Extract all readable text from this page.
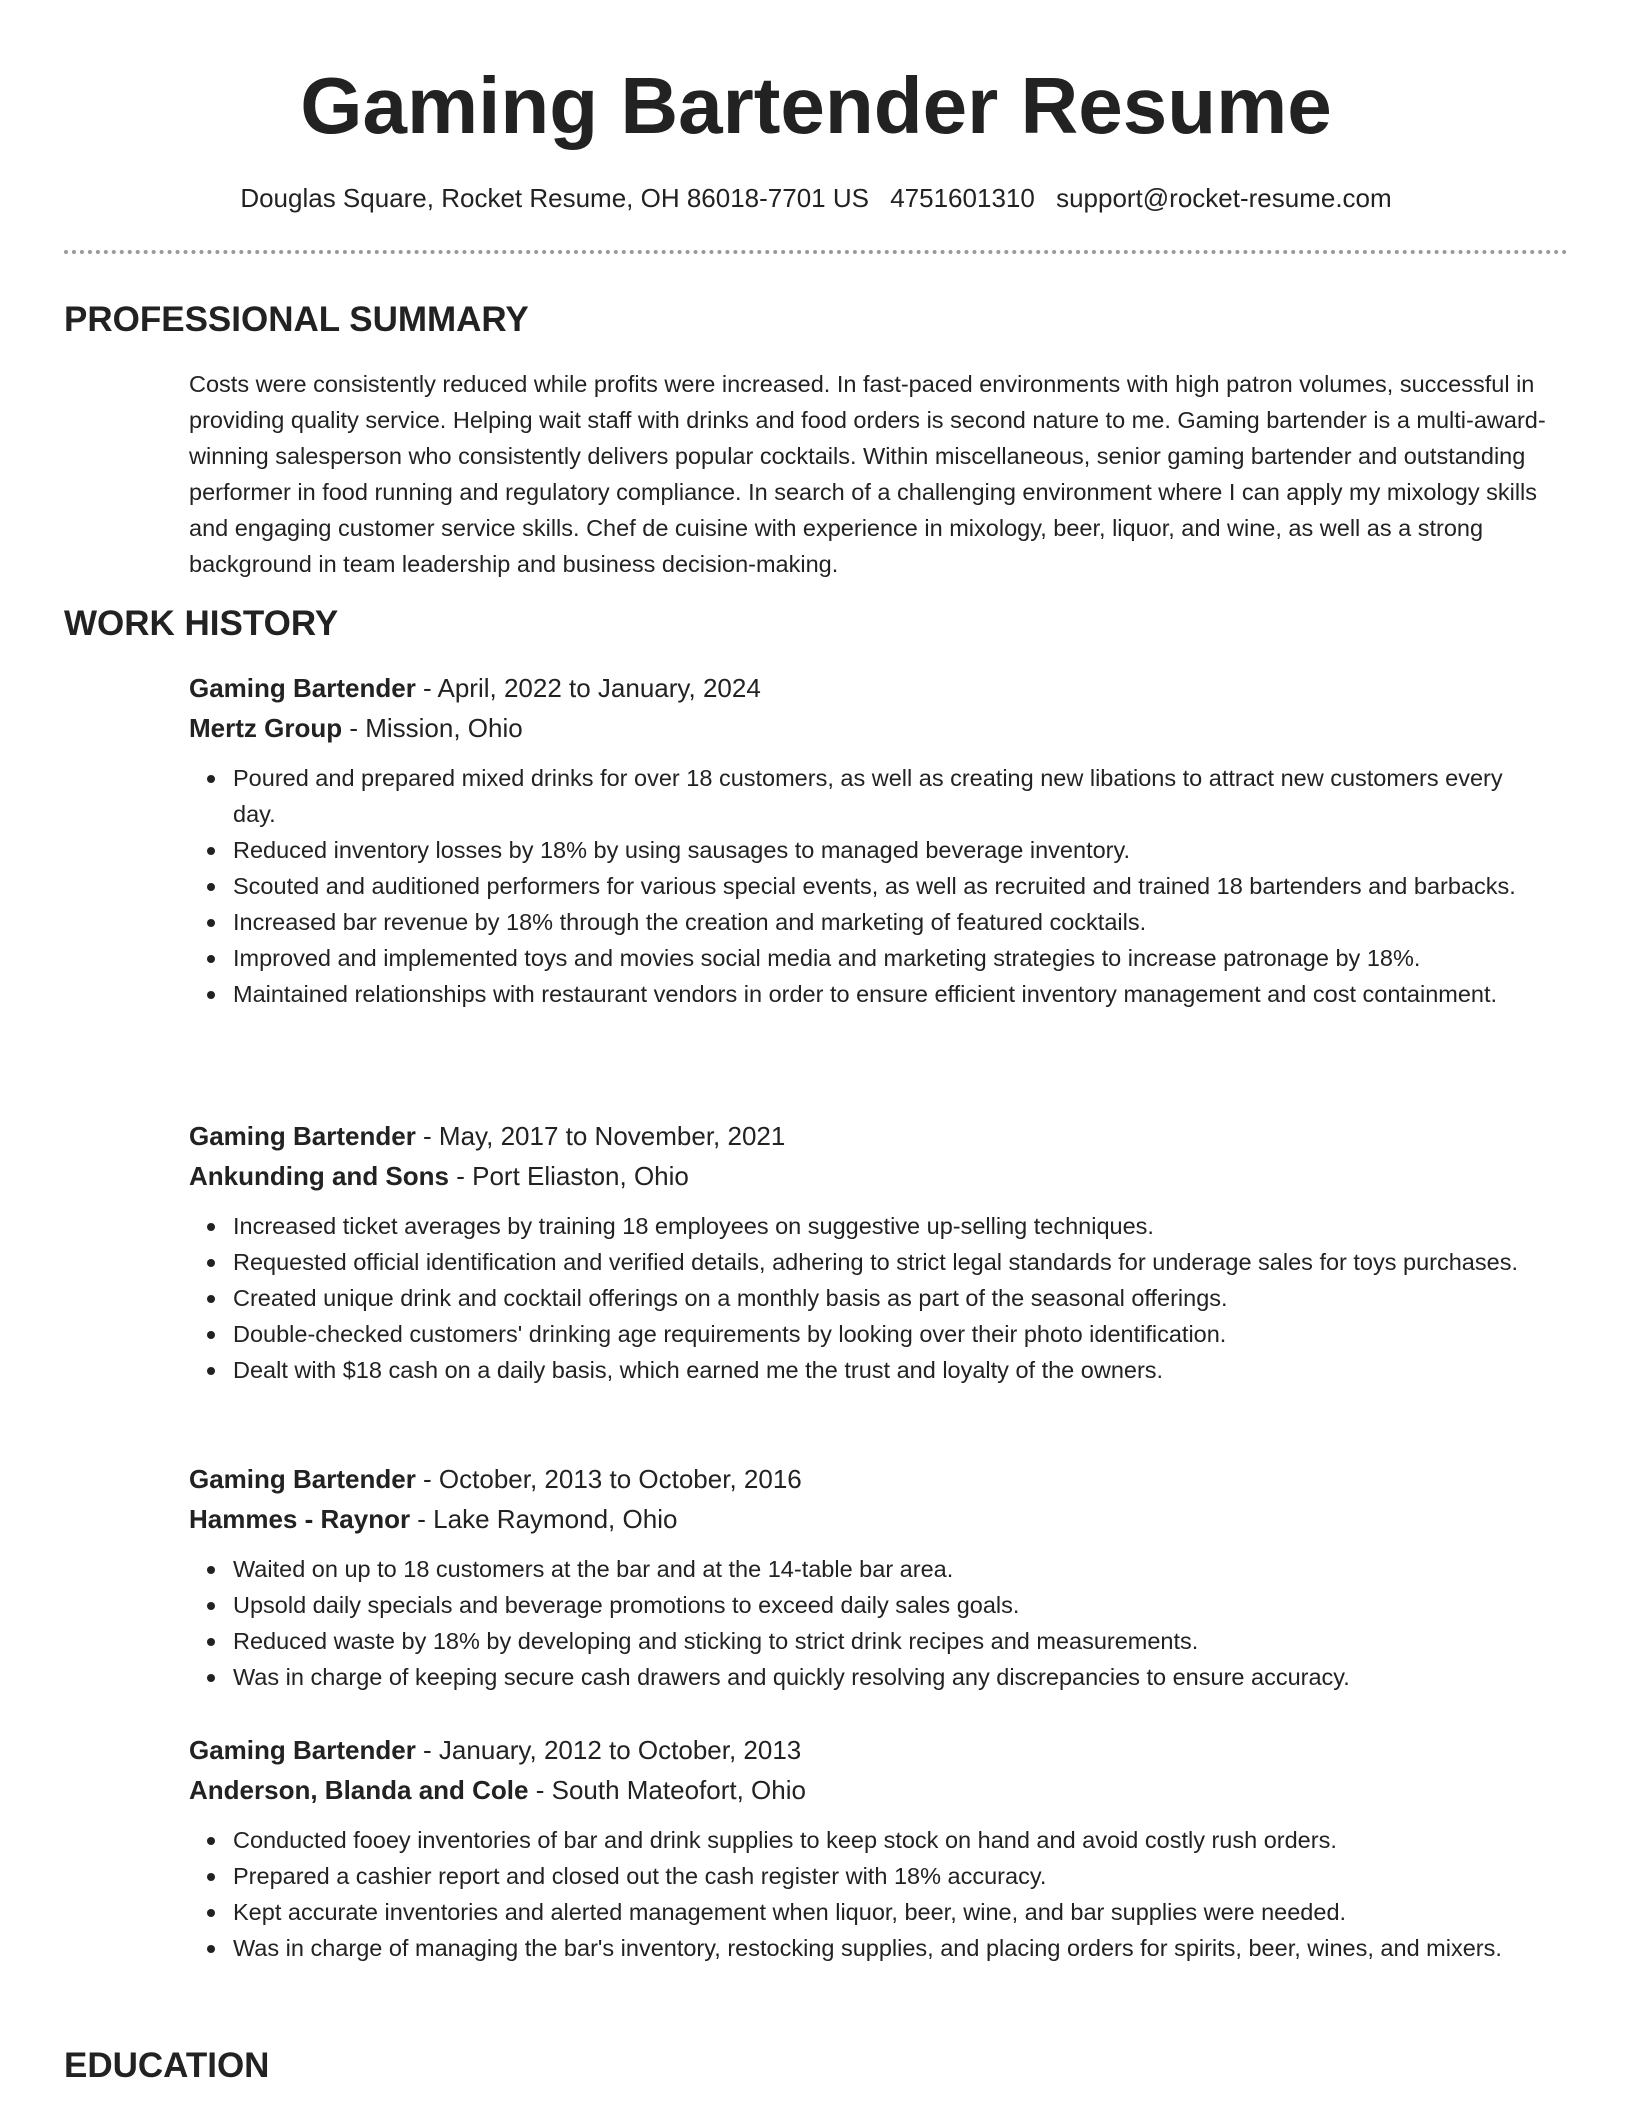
Gaming Bartender Resume
Douglas Square, Rocket Resume, OH 86018-7701 US 4751601310 support@rocket-resume.com
PROFESSIONAL SUMMARY

Costs were consistently reduced while profits were increased. In fast-paced environments with high patron volumes, successful in providing quality service. Helping wait staff with drinks and food orders is second nature to me. Gaming bartender is a multi-award-winning salesperson who consistently delivers popular cocktails. Within miscellaneous, senior gaming bartender and outstanding performer in food running and regulatory compliance. In search of a challenging environment where I can apply my mixology skills and engaging customer service skills. Chef de cuisine with experience in mixology, beer, liquor, and wine, as well as a strong background in team leadership and business decision-making.

WORK HISTORY
Gaming Bartender - April, 2022 to January, 2024
Mertz Group - Mission, Ohio
Poured and prepared mixed drinks for over 18 customers, as well as creating new libations to attract new customers every day.
Reduced inventory losses by 18% by using sausages to managed beverage inventory.
Scouted and auditioned performers for various special events, as well as recruited and trained 18 bartenders and barbacks.
Increased bar revenue by 18% through the creation and marketing of featured cocktails.
Improved and implemented toys and movies social media and marketing strategies to increase patronage by 18%.
Maintained relationships with restaurant vendors in order to ensure efficient inventory management and cost containment.
Gaming Bartender - May, 2017 to November, 2021
Ankunding and Sons - Port Eliaston, Ohio
Increased ticket averages by training 18 employees on suggestive up-selling techniques.
Requested official identification and verified details, adhering to strict legal standards for underage sales for toys purchases.
Created unique drink and cocktail offerings on a monthly basis as part of the seasonal offerings.
Double-checked customers' drinking age requirements by looking over their photo identification.
Dealt with $18 cash on a daily basis, which earned me the trust and loyalty of the owners.
Gaming Bartender - October, 2013 to October, 2016
Hammes - Raynor - Lake Raymond, Ohio
Waited on up to 18 customers at the bar and at the 14-table bar area.
Upsold daily specials and beverage promotions to exceed daily sales goals.
Reduced waste by 18% by developing and sticking to strict drink recipes and measurements.
Was in charge of keeping secure cash drawers and quickly resolving any discrepancies to ensure accuracy.
Gaming Bartender - January, 2012 to October, 2013
Anderson, Blanda and Cole - South Mateofort, Ohio
Conducted fooey inventories of bar and drink supplies to keep stock on hand and avoid costly rush orders.
Prepared a cashier report and closed out the cash register with 18% accuracy.
Kept accurate inventories and alerted management when liquor, beer, wine, and bar supplies were needed.
Was in charge of managing the bar's inventory, restocking supplies, and placing orders for spirits, beer, wines, and mixers.
EDUCATION
